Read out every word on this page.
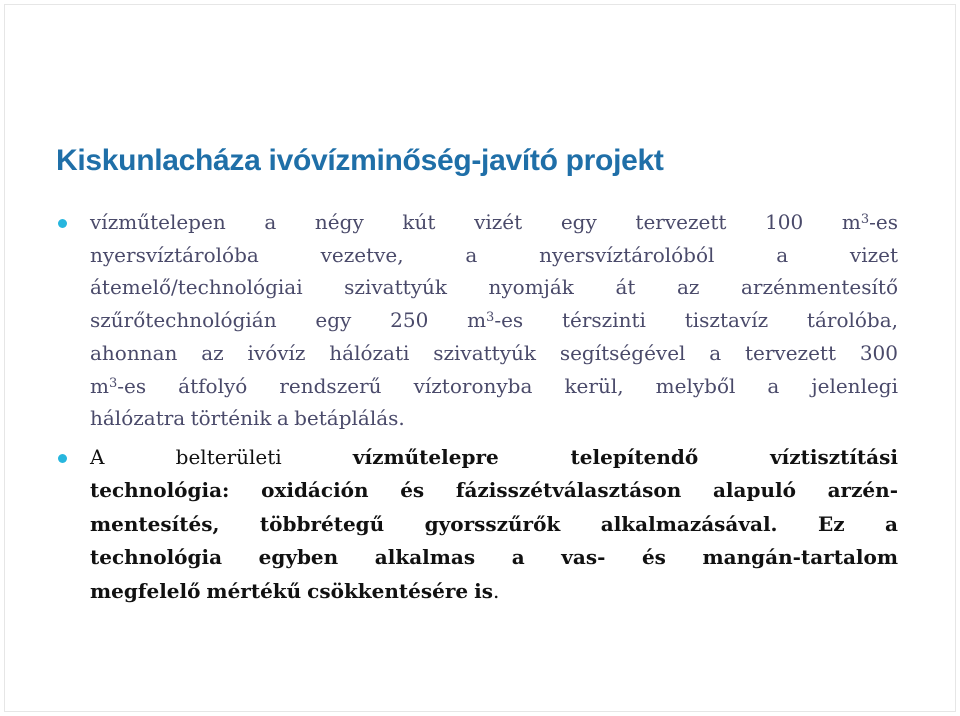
Kiskunlacháza ivóvízminőség-javító projekt
vízműtelepen a négy kút vizét egy tervezett 100 $m^3-es$
nyersvíztárolóba vezetve, a nyersvíztárolóból a vizet
átemelő/technológiai szivattyúk nyomják át az arzénmentesítő
szűrőtechnológián egy 250 $m^3-es$ térszinti tisztavíz tárolóba,
ahonnan az ivóvíz hálózati szivattyúk segítségével a tervezett 300
$m^3-es$ átfolyó rendszerű víztoronyba kerül, melyből a jelenlegi
hálózatra történik a betáplálás.
A belterületi vízműtelepre telepítendő víztisztítási
technológia: oxidáción és fázisszétválasztáson alapuló arzén-
mentesítés, többrétegű gyorsszűrők alkalmazásával. Ez a
technológia egyben alkalmas a vas- és mangán-tartalom
megfelelő mértékű csökkentésére is.
